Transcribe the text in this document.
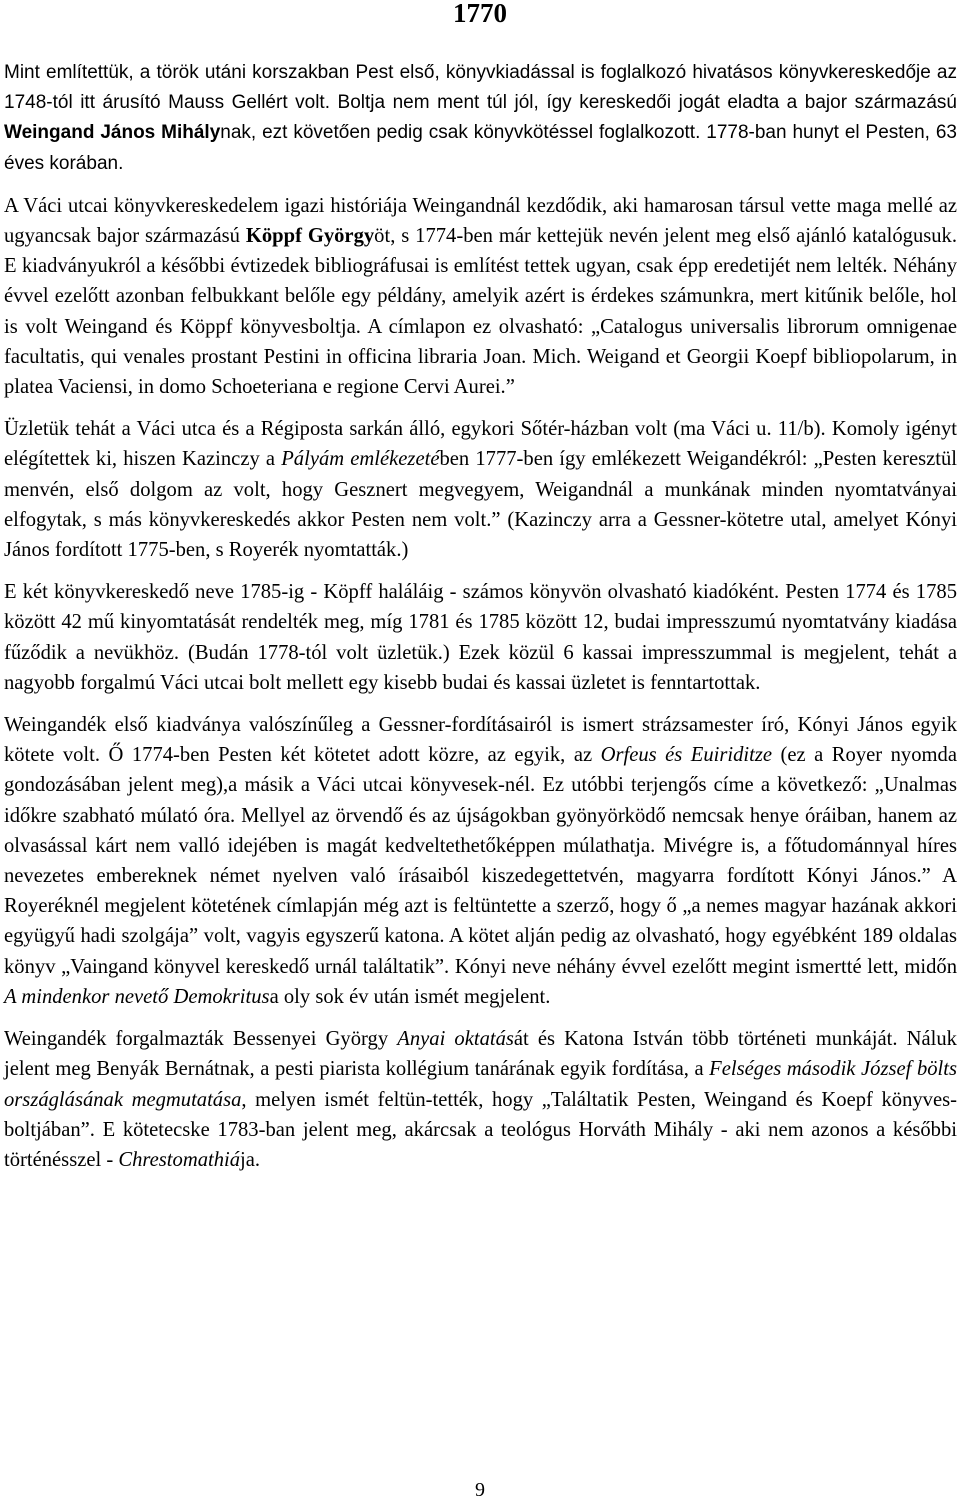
1770

Mint említettük, a török utáni korszakban Pest első, könyvkiadással is foglalkozó hivatásos könyvkereskedője az 1748-tól itt árusító Mauss Gellért volt. Boltja nem ment túl jól, így kereskedői jogát eladta a bajor származású Weingand János Mihálynak, ezt követően pedig csak könyvkötéssel foglalkozott. 1778-ban hunyt el Pesten, 63 éves korában.

A Váci utcai könyvkereskedelem igazi históriája Weingandnál kezdődik, aki hamarosan társul vette maga mellé az ugyancsak bajor származású Köppf Györgyöt, s 1774-ben már kettejük nevén jelent meg első ajánló katalógusuk. E kiadványukról a későbbi évtizedek bibliográfusai is említést tettek ugyan, csak épp eredetijét nem lelték. Néhány évvel ezelőtt azonban felbukkant belőle egy példány, amelyik azért is érdekes számunkra, mert kitűnik belőle, hol is volt Weingand és Köppf könyvesboltja. A címlapon ez olvasható: „Catalogus universalis librorum omnigenae facultatis, qui venales prostant Pestini in officina libraria Joan. Mich. Weigand et Georgii Koepf bibliopolarum, in platea Vaciensi, in domo Schoeteriana e regione Cervi Aurei.”

Üzletük tehát a Váci utca és a Régiposta sarkán álló, egykori Sőtér-házban volt (ma Váci u. 11/b). Komoly igényt elégítettek ki, hiszen Kazinczy a Pályám emlékezetében 1777-ben így emlékezett Weigandékról: „Pesten keresztül menvén, első dolgom az volt, hogy Gesznert megvegyem, Weigandnál a munkának minden nyomtatványai elfogytak, s más könyvkereskedés akkor Pesten nem volt.” (Kazinczy arra a Gessner-kötetre utal, amelyet Kónyi János fordított 1775-ben, s Royerék nyomtatták.)

E két könyvkereskedő neve 1785-ig - Köpff haláláig - számos könyvön olvasható kiadóként. Pesten 1774 és 1785 között 42 mű kinyomtatását rendelték meg, míg 1781 és 1785 között 12, budai impresszumú nyomtatvány kiadása fűződik a nevükhöz. (Budán 1778-tól volt üzletük.) Ezek közül 6 kassai impresszummal is megjelent, tehát a nagyobb forgalmú Váci utcai bolt mellett egy kisebb budai és kassai üzletet is fenntartottak.

Weingandék első kiadványa valószínűleg a Gessner-fordításairól is ismert strázsamester író, Kónyi János egyik kötete volt. Ő 1774-ben Pesten két kötetet adott közre, az egyik, az Orfeus és Euiriditze (ez a Royer nyomda gondozásában jelent meg),a másik a Váci utcai könyvesek-nél. Ez utóbbi terjengős címe a következő: „Unalmas időkre szabható múlató óra. Mellyel az örvendő és az újságokban gyönyörködő nemcsak henye óráiban, hanem az olvasással kárt nem valló idejében is magát kedveltethetőképpen múlathatja. Mivégre is, a főtudománnyal híres nevezetes embereknek német nyelven való írásaiból kiszedegettetvén, magyarra fordított Kónyi János.” A Royeréknél megjelent kötetének címlapján még azt is feltüntette a szerző, hogy ő „a nemes magyar hazának akkori együgyű hadi szolgája” volt, vagyis egyszerű katona. A kötet alján pedig az olvasható, hogy egyébként 189 oldalas könyv „Vaingand könyvel kereskedő urnál találtatik”. Kónyi neve néhány évvel ezelőtt megint ismertté lett, midőn A mindenkor nevető Demokritusa oly sok év után ismét megjelent.

Weingandék forgalmazták Bessenyei György Anyai oktatását és Katona István több történeti munkáját. Náluk jelent meg Benyák Bernátnak, a pesti piarista kollégium tanárának egyik fordítása, a Felséges második József bölts országlásának megmutatása, melyen ismét feltün-tették, hogy „Találtatik Pesten, Weingand és Koepf könyves-boltjában”. E kötetecske 1783-ban jelent meg, akárcsak a teológus Horváth Mihály - aki nem azonos a későbbi történésszel - Chrestomathiája.

9
